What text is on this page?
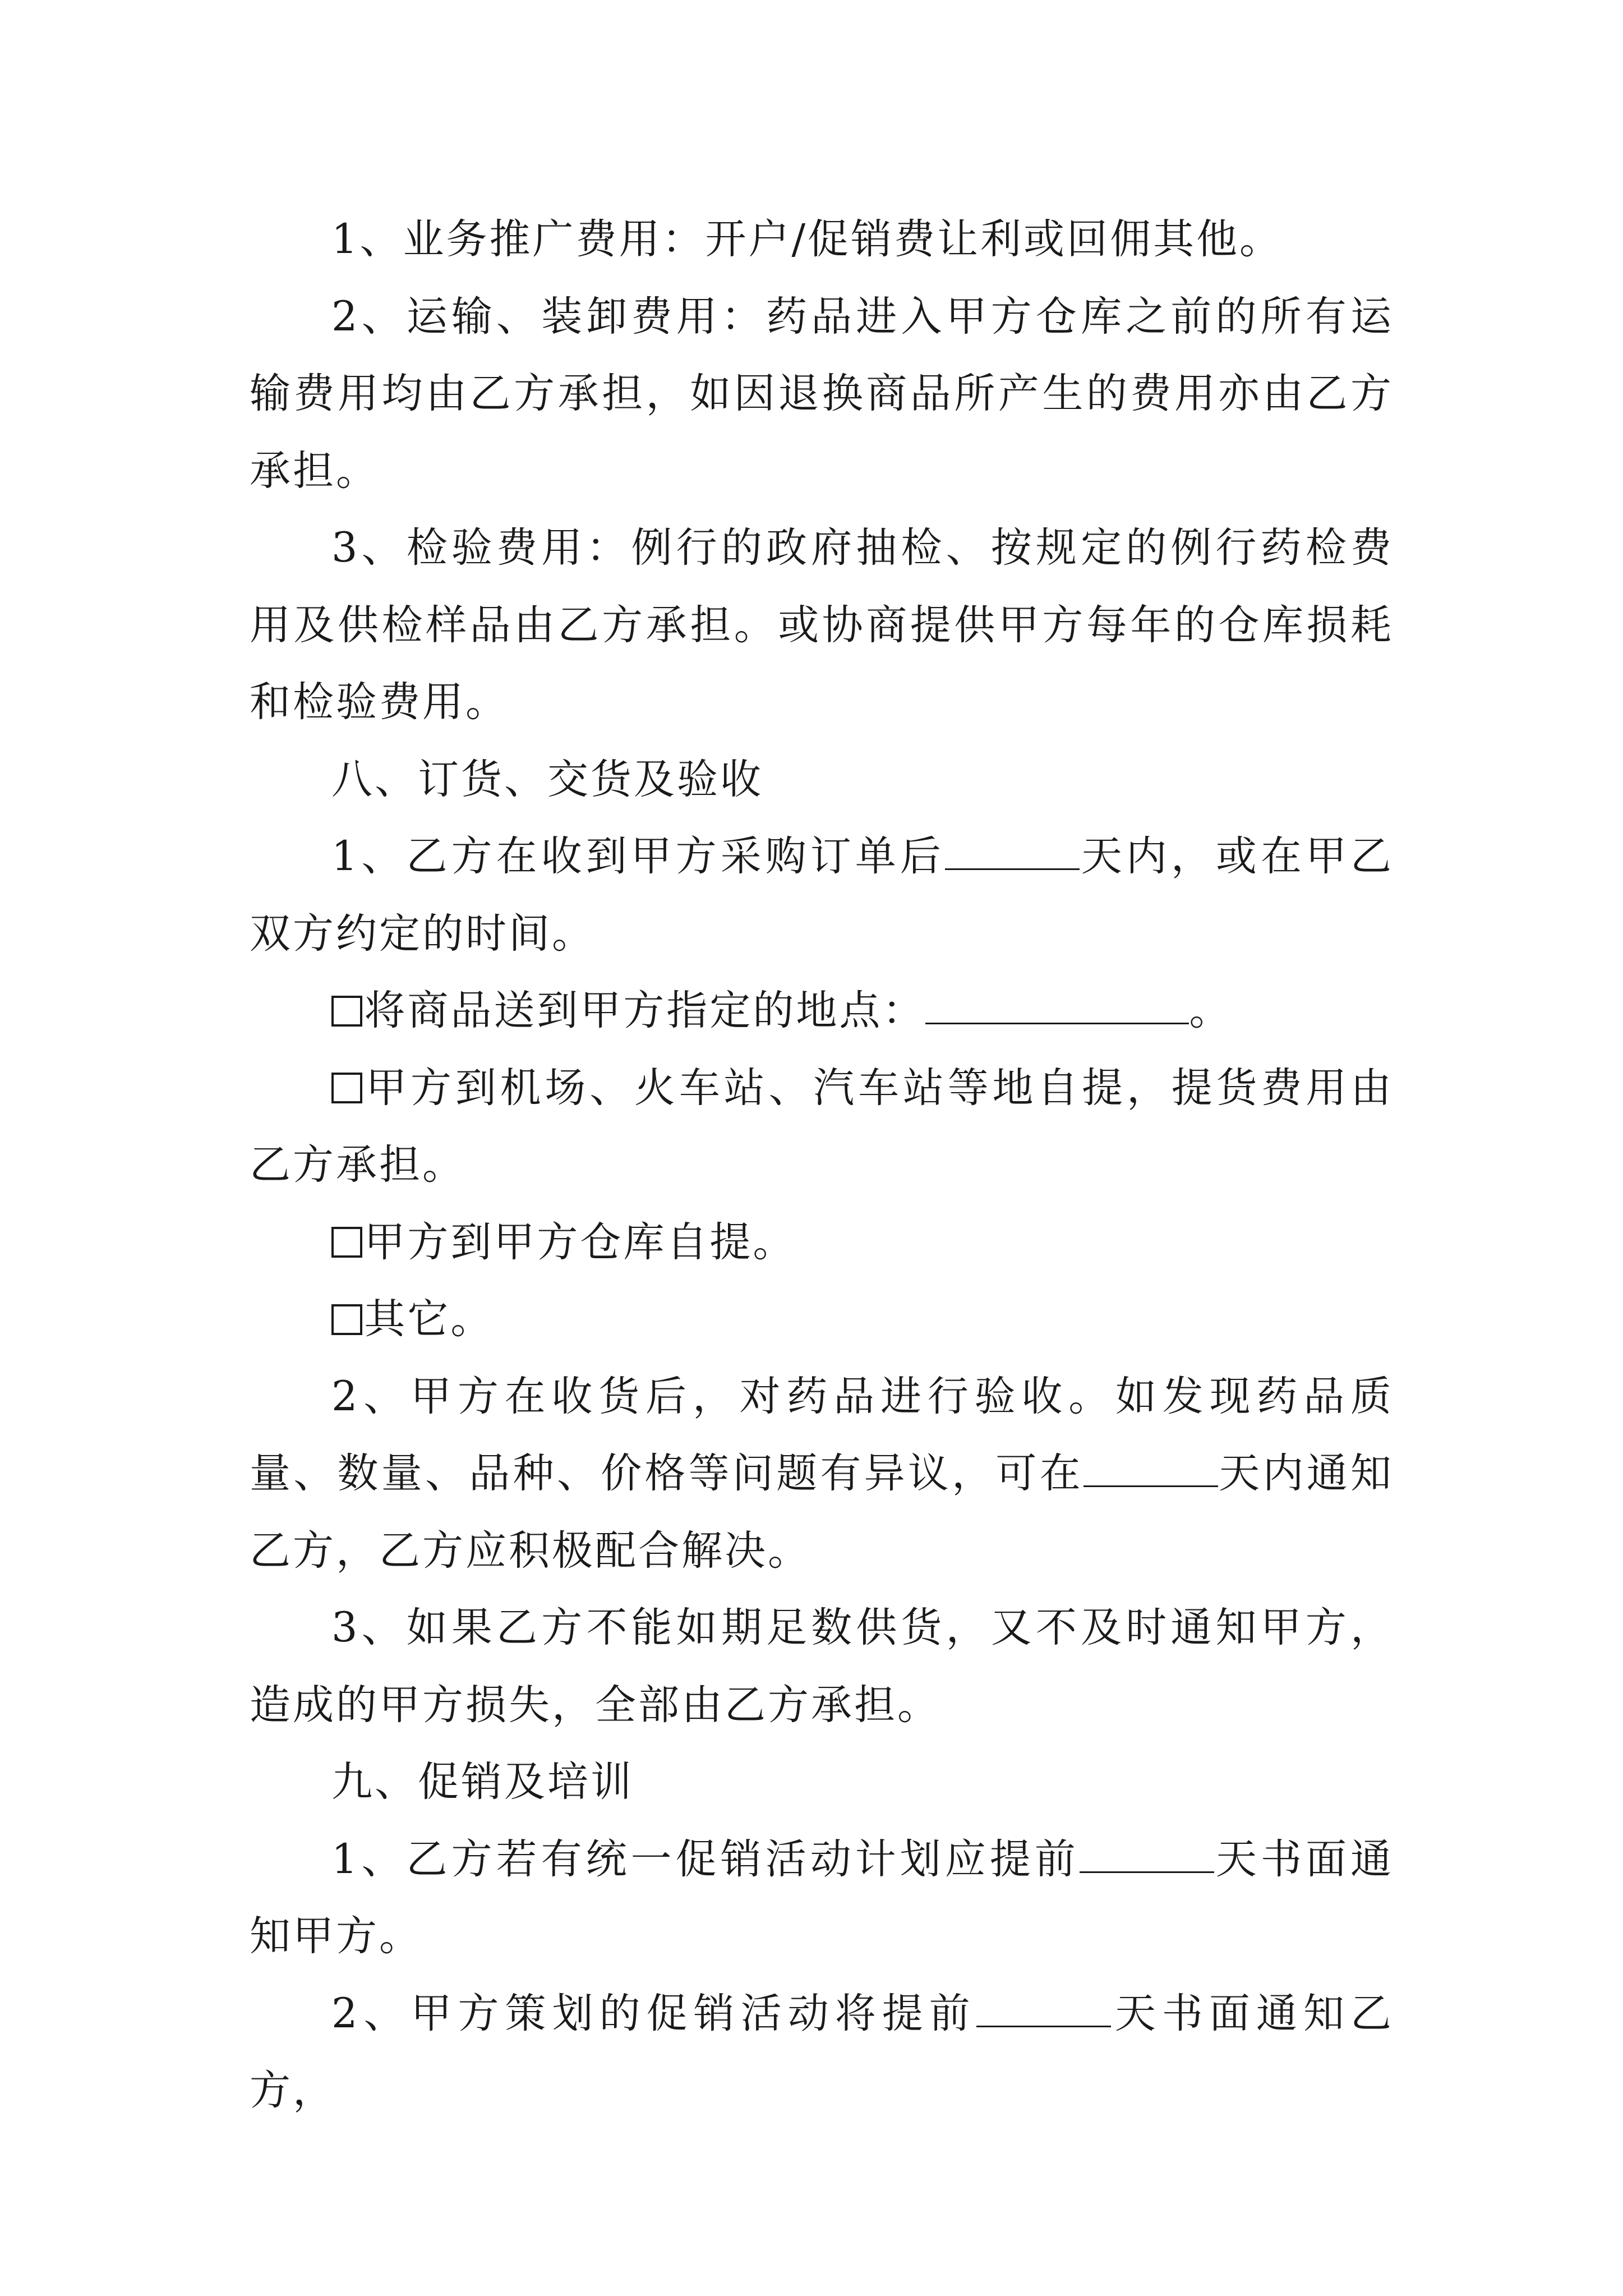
1、业务推广费用：开户/促销费让利或回佣其他。

2、运输、装卸费用：药品进入甲方仓库之前的所有运输费用均由乙方承担，如因退换商品所产生的费用亦由乙方承担。

3、检验费用：例行的政府抽检、按规定的例行药检费用及供检样品由乙方承担。或协商提供甲方每年的仓库损耗和检验费用。

八、订货、交货及验收

1、乙方在收到甲方采购订单后	天内，或在甲乙双方约定的时间。

将商品送到甲方指定的地点：	。

甲方到机场、火车站、汽车站等地自提，提货费用由乙方承担。

甲方到甲方仓库自提。

其它。

2、甲方在收货后，对药品进行验收。如发现药品质量、数量、品种、价格等问题有异议，可在	天内通知乙方，乙方应积极配合解决。

3、如果乙方不能如期足数供货，又不及时通知甲方，造成的甲方损失，全部由乙方承担。

九、促销及培训

1、乙方若有统一促销活动计划应提前	天书面通知甲方。

2、甲方策划的促销活动将提前	天书面通知乙方，
